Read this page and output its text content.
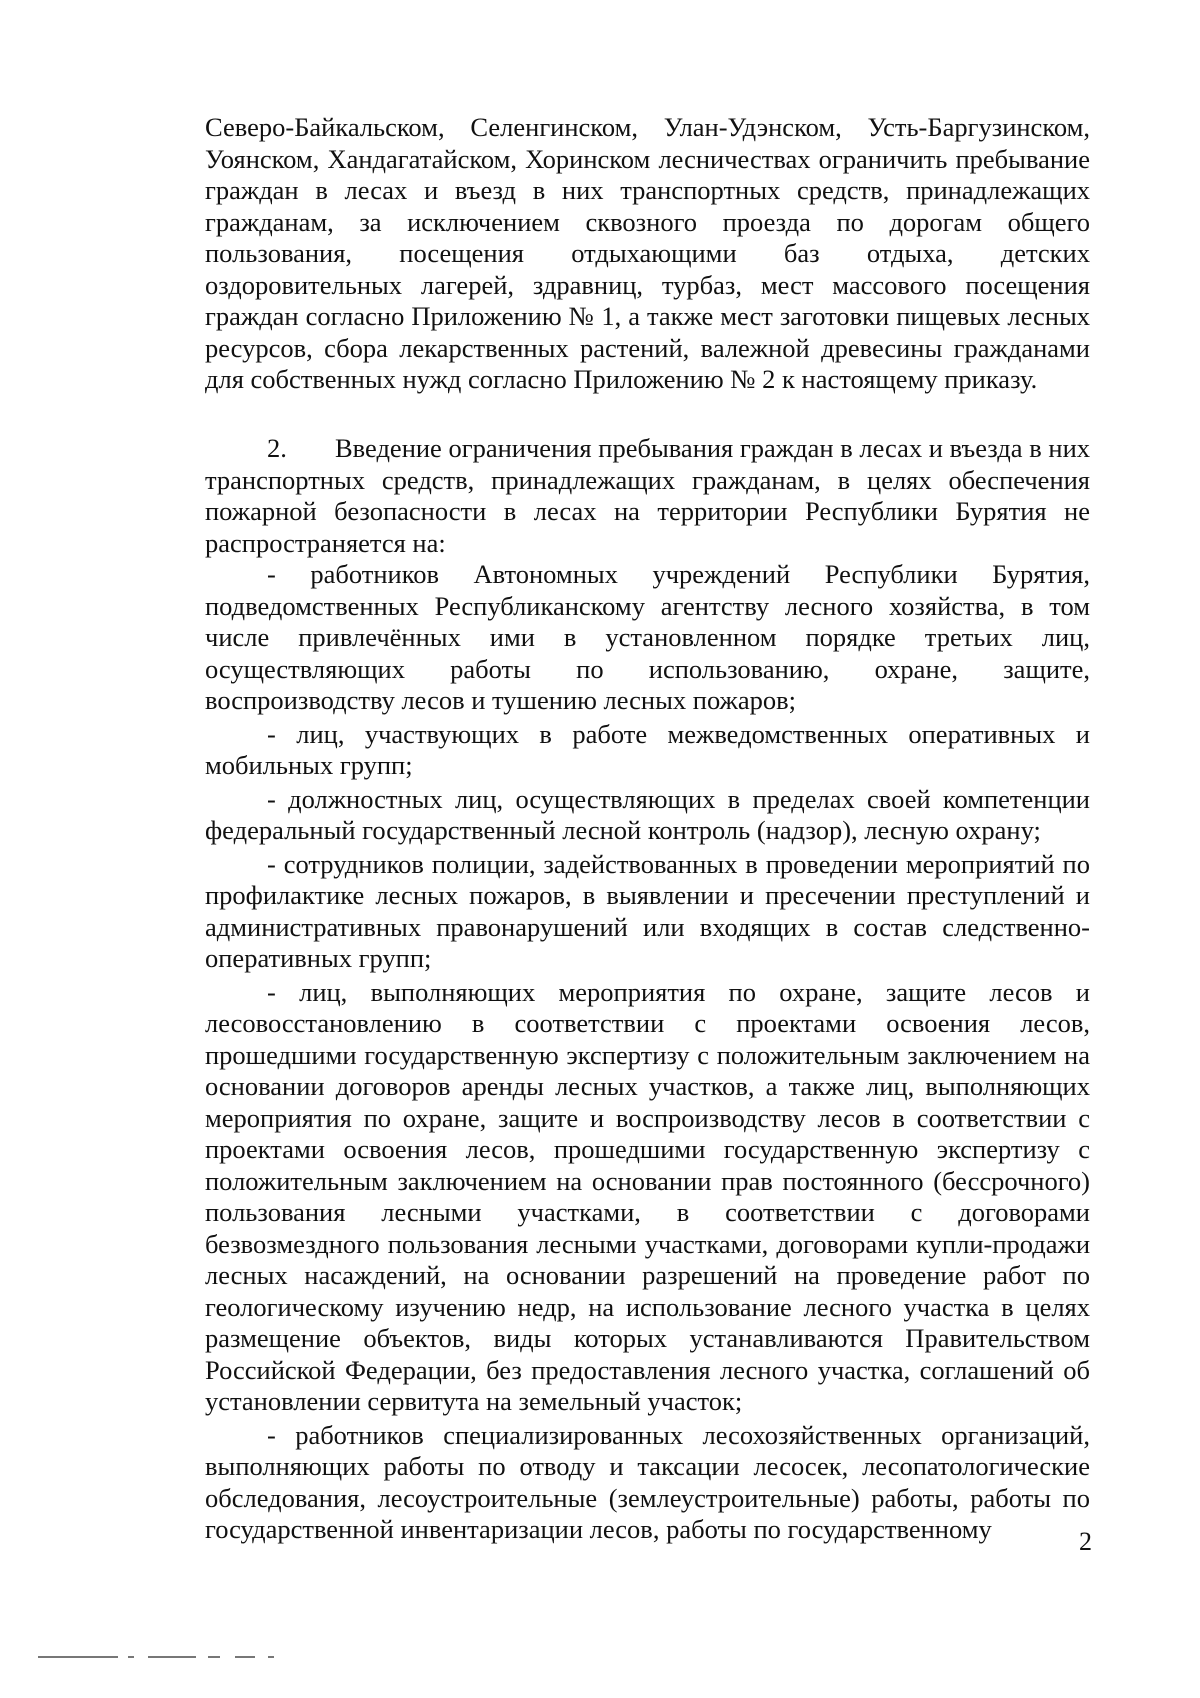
Северо-Байкальском, Селенгинском, Улан-Удэнском, Усть-Баргузинском, Уоянском, Хандагатайском, Хоринском лесничествах ограничить пребывание граждан в лесах и въезд в них транспортных средств, принадлежащих гражданам, за исключением сквозного проезда по дорогам общего пользования, посещения отдыхающими баз отдыха, детских оздоровительных лагерей, здравниц, турбаз, мест массового посещения граждан согласно Приложению № 1, а также мест заготовки пищевых лесных ресурсов, сбора лекарственных растений, валежной древесины гражданами для собственных нужд согласно Приложению № 2 к настоящему приказу.

2. Введение ограничения пребывания граждан в лесах и въезда в них транспортных средств, принадлежащих гражданам, в целях обеспечения пожарной безопасности в лесах на территории Республики Бурятия не распространяется на:

- работников Автономных учреждений Республики Бурятия, подведомственных Республиканскому агентству лесного хозяйства, в том числе привлечённых ими в установленном порядке третьих лиц, осуществляющих работы по использованию, охране, защите, воспроизводству лесов и тушению лесных пожаров;

- лиц, участвующих в работе межведомственных оперативных и мобильных групп;

- должностных лиц, осуществляющих в пределах своей компетенции федеральный государственный лесной контроль (надзор), лесную охрану;

- сотрудников полиции, задействованных в проведении мероприятий по профилактике лесных пожаров, в выявлении и пресечении преступлений и административных правонарушений или входящих в состав следственно-оперативных групп;

- лиц, выполняющих мероприятия по охране, защите лесов и лесовосстановлению в соответствии с проектами освоения лесов, прошедшими государственную экспертизу с положительным заключением на основании договоров аренды лесных участков, а также лиц, выполняющих мероприятия по охране, защите и воспроизводству лесов в соответствии с проектами освоения лесов, прошедшими государственную экспертизу с положительным заключением на основании прав постоянного (бессрочного) пользования лесными участками, в соответствии с договорами безвозмездного пользования лесными участками, договорами купли-продажи лесных насаждений, на основании разрешений на проведение работ по геологическому изучению недр, на использование лесного участка в целях размещение объектов, виды которых устанавливаются Правительством Российской Федерации, без предоставления лесного участка, соглашений об установлении сервитута на земельный участок;

- работников специализированных лесохозяйственных организаций, выполняющих работы по отводу и таксации лесосек, лесопатологические обследования, лесоустроительные (землеустроительные) работы, работы по государственной инвентаризации лесов, работы по государственному	2
